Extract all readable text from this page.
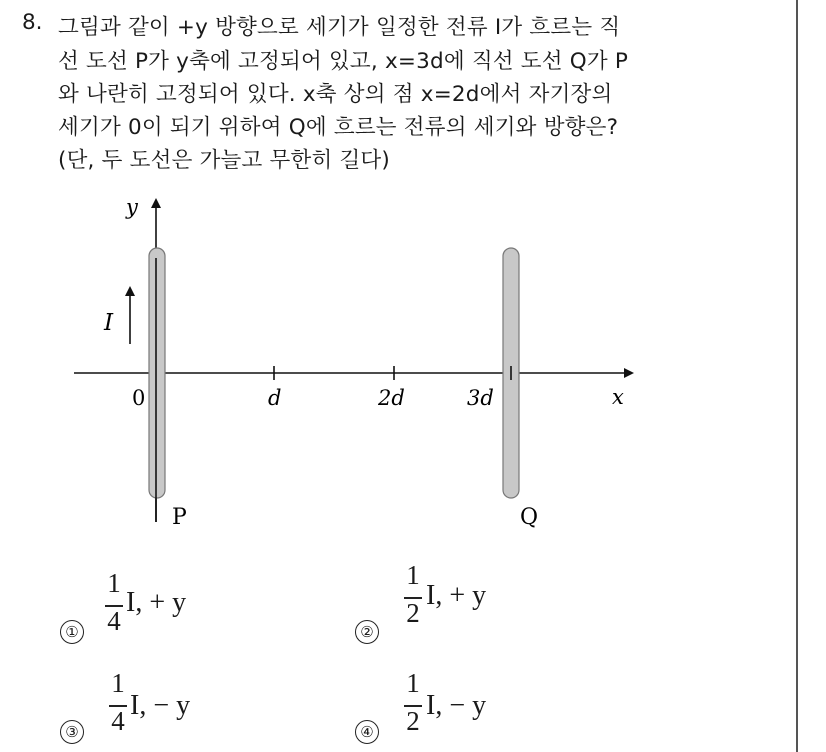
8. 그림과 같이 +y 방향으로 세기가 일정한 전류 I가 흐르는 직
선 도선 P가 y축에 고정되어 있고, x=3d에 직선 도선 Q가 P
와 나란히 고정되어 있다. x축 상의 점 x=2d에서 자기장의
세기가 0이 되기 위하여 Q에 흐르는 전류의 세기와 방향은?
(단, 두 도선은 가늘고 무한히 길다)
y
x
I
0	d	2d	3d
P	Q
①
1
4
I, + y
②
1
2
I, + y
③
1
4 I, − y
④
1
2 I, − y
